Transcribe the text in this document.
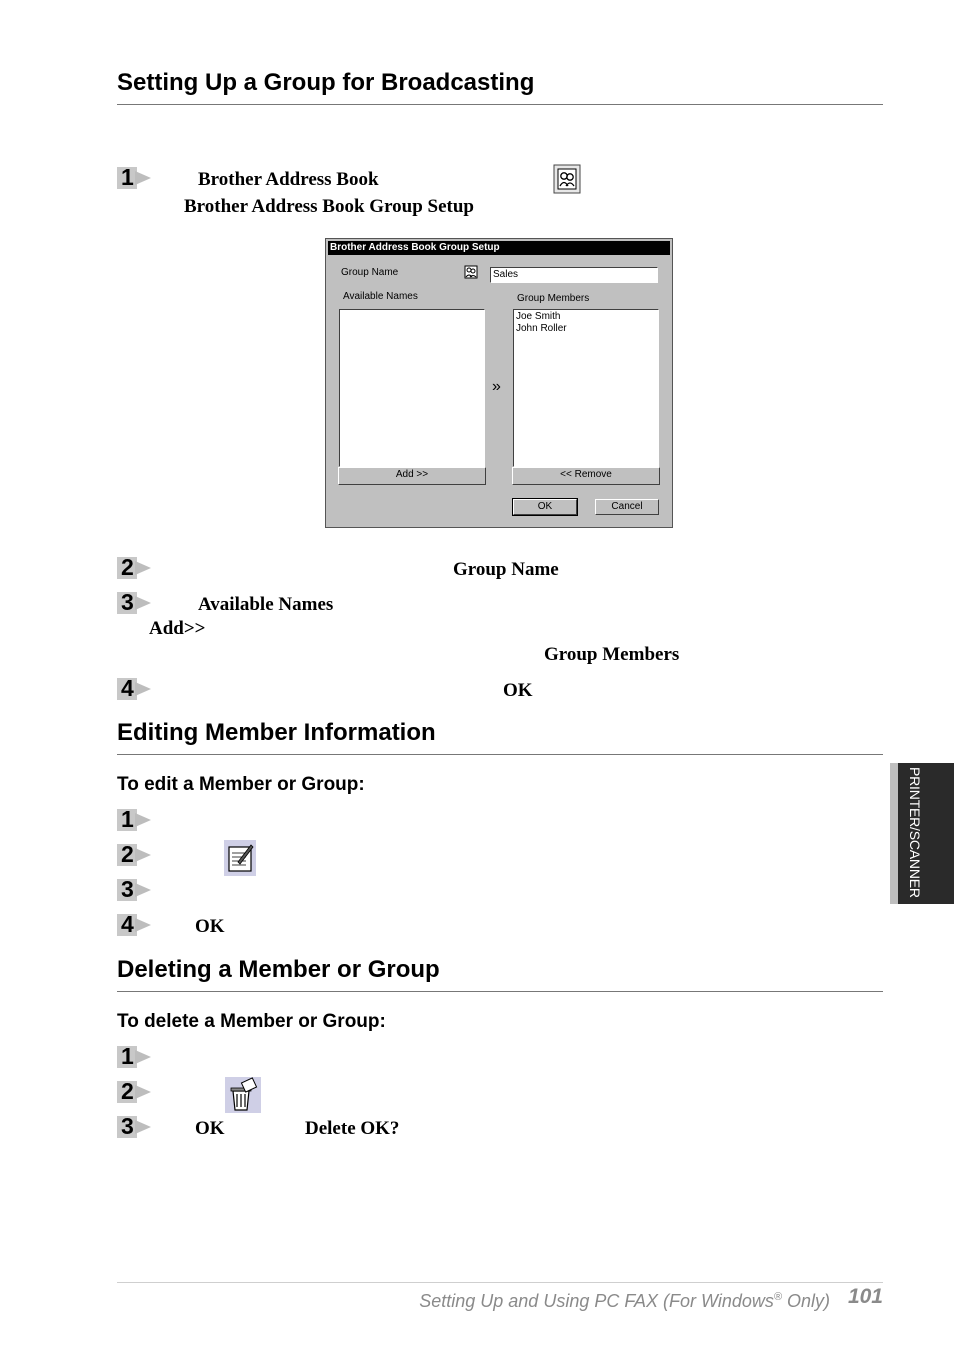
Setting Up a Group for Broadcasting
1	Brother Address Book
Brother Address Book Group Setup
Brother Address Book Group Setup
Group Name	Sales
Available Names	Group Members
Joe Smith
John Roller
»
Add >>	<< Remove
OK	Cancel
2	Group Name
3	Available Names
Add>>
Group Members
4	OK
Editing Member Information
To edit a Member or Group:
1
2
3
4	OK
Deleting a Member or Group
To delete a Member or Group:
1
2
3	OK	Delete OK?
PRINTER/SCANNER
Setting Up and Using PC FAX (For Windows® Only) 101
